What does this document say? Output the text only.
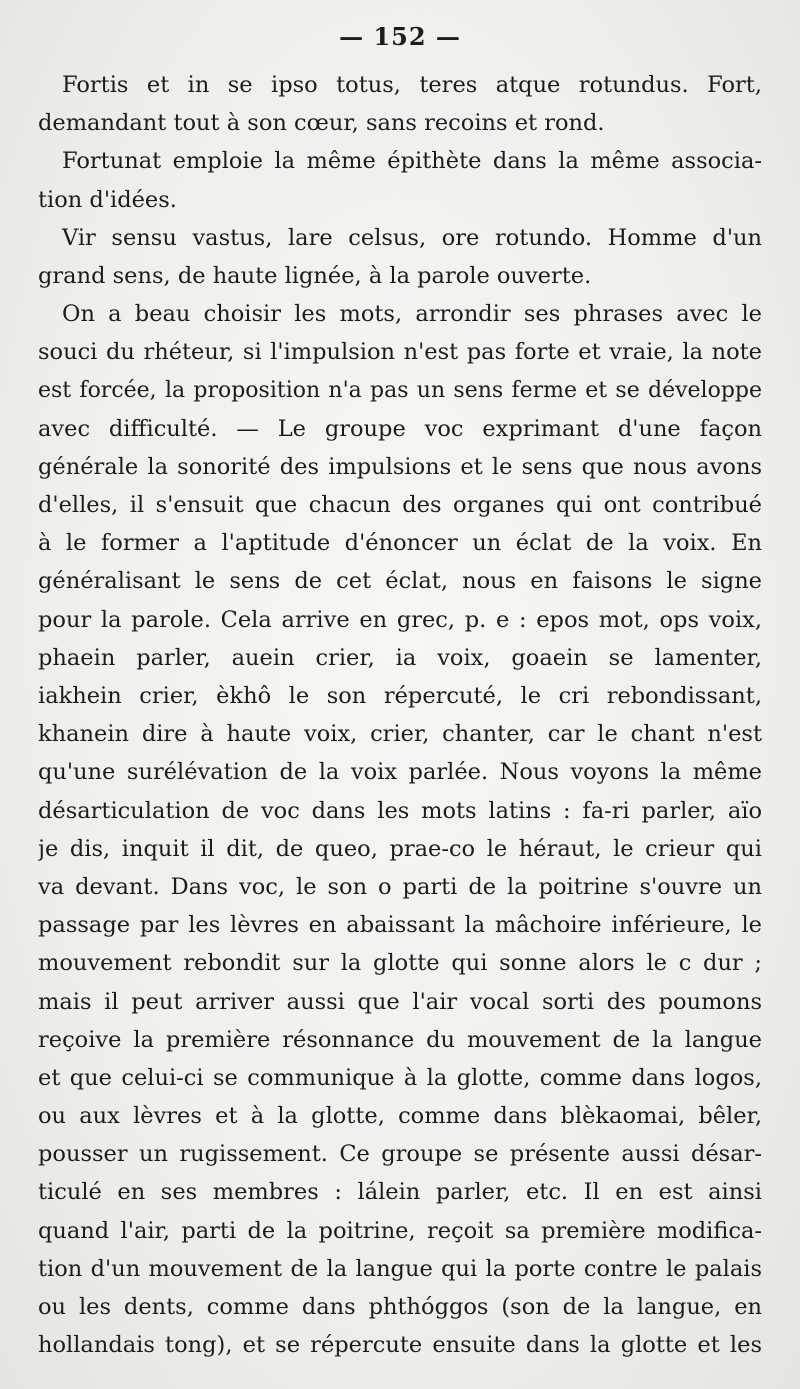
— 152 —
Fortis et in se ipso totus, teres atque rotundus. Fort,
demandant tout à son cœur, sans recoins et rond.
Fortunat emploie la même épithète dans la même associa-
tion d'idées.
Vir sensu vastus, lare celsus, ore rotundo. Homme d'un
grand sens, de haute lignée, à la parole ouverte.
On a beau choisir les mots, arrondir ses phrases avec le
souci du rhéteur, si l'impulsion n'est pas forte et vraie, la note
est forcée, la proposition n'a pas un sens ferme et se développe
avec difficulté. — Le groupe voc exprimant d'une façon
générale la sonorité des impulsions et le sens que nous avons
d'elles, il s'ensuit que chacun des organes qui ont contribué
à le former a l'aptitude d'énoncer un éclat de la voix. En
généralisant le sens de cet éclat, nous en faisons le signe
pour la parole. Cela arrive en grec, p. e : epos mot, ops voix,
phaein parler, auein crier, ia voix, goaein se lamenter,
iakhein crier, èkhô le son répercuté, le cri rebondissant,
khanein dire à haute voix, crier, chanter, car le chant n'est
qu'une surélévation de la voix parlée. Nous voyons la même
désarticulation de voc dans les mots latins : fa-ri parler, aïo
je dis, inquit il dit, de queo, prae-co le héraut, le crieur qui
va devant. Dans voc, le son o parti de la poitrine s'ouvre un
passage par les lèvres en abaissant la mâchoire inférieure, le
mouvement rebondit sur la glotte qui sonne alors le c dur ;
mais il peut arriver aussi que l'air vocal sorti des poumons
reçoive la première résonnance du mouvement de la langue
et que celui-ci se communique à la glotte, comme dans logos,
ou aux lèvres et à la glotte, comme dans blèkaomai, bêler,
pousser un rugissement. Ce groupe se présente aussi désar-
ticulé en ses membres : lálein parler, etc. Il en est ainsi
quand l'air, parti de la poitrine, reçoit sa première modifica-
tion d'un mouvement de la langue qui la porte contre le palais
ou les dents, comme dans phthóggos (son de la langue, en
hollandais tong), et se répercute ensuite dans la glotte et les
